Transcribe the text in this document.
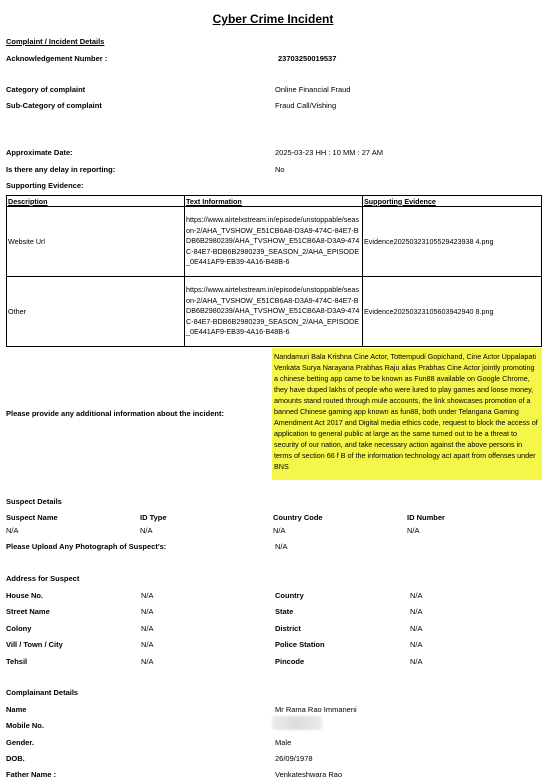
Cyber Crime Incident
Complaint / Incident Details
Acknowledgement Number :	23703250019537
Category of complaint	Online Financial Fraud
Sub-Category of complaint	Fraud Call/Vishing
Approximate Date:	2025-03-23 HH : 10 MM : 27 AM
Is there any delay in reporting:	No
Supporting Evidence:
Description	Text Information	Supporting Evidence
Website Url	https://www.airtelxstream.in/episode/unstoppable/season-2/AHA_TVSHOW_E51CB6A8-D3A9-474C-84E7-BDB6B2980239/AHA_TVSHOW_E51CB6A8-D3A9-474C-84E7-BDB6B2980239_SEASON_2/AHA_EPISODE_0E441AF9-EB39-4A16-B48B-6	Evidence20250323105529423938 4.png
Other	https://www.airtelxstream.in/episode/unstoppable/season-2/AHA_TVSHOW_E51CB6A8-D3A9-474C-84E7-BDB6B2980239/AHA_TVSHOW_E51CB6A8-D3A9-474C-84E7-BDB6B2980239_SEASON_2/AHA_EPISODE_0E441AF9-EB39-4A16-B48B-6	Evidence20250323105603942940 8.png
Please provide any additional information about the incident:
Nandamuri Bala Krishna Cine Actor, Tottempudi Gopichand, Cine Actor Uppalapati Venkata Surya Narayana Prabhas Raju alias Prabhas Cine Actor jointly promoting a chinese betting app came to be known as Fun88 available on Google Chrome, they have duped lakhs of people who were lured to play games and loose money, amounts stand routed through mule accounts, the link showcases promotion of a banned Chinese gaming app known as fun88, both under Telangana Gaming Amendment Act 2017 and Digital media ethics code, request to block the access of application to general public at large as the same turned out to be a threat to security of our nation, and take necessary action against the above persons in terms of section 66 f B of the information technology act apart from offenses under BNS
Suspect Details
Suspect Name	ID Type	Country Code	ID Number
N/A	N/A	N/A	N/A
Please Upload Any Photograph of Suspect's:	N/A
Address for Suspect
House No.	N/A	Country	N/A
Street Name	N/A	State	N/A
Colony	N/A	District	N/A
Vill / Town / City	N/A	Police Station	N/A
Tehsil	N/A	Pincode	N/A
Complainant Details
Name	Mr Rama Rao Immaneni
Mobile No.
Gender.	Male
DOB.	26/09/1978
Father Name :	Venkateshwara Rao
